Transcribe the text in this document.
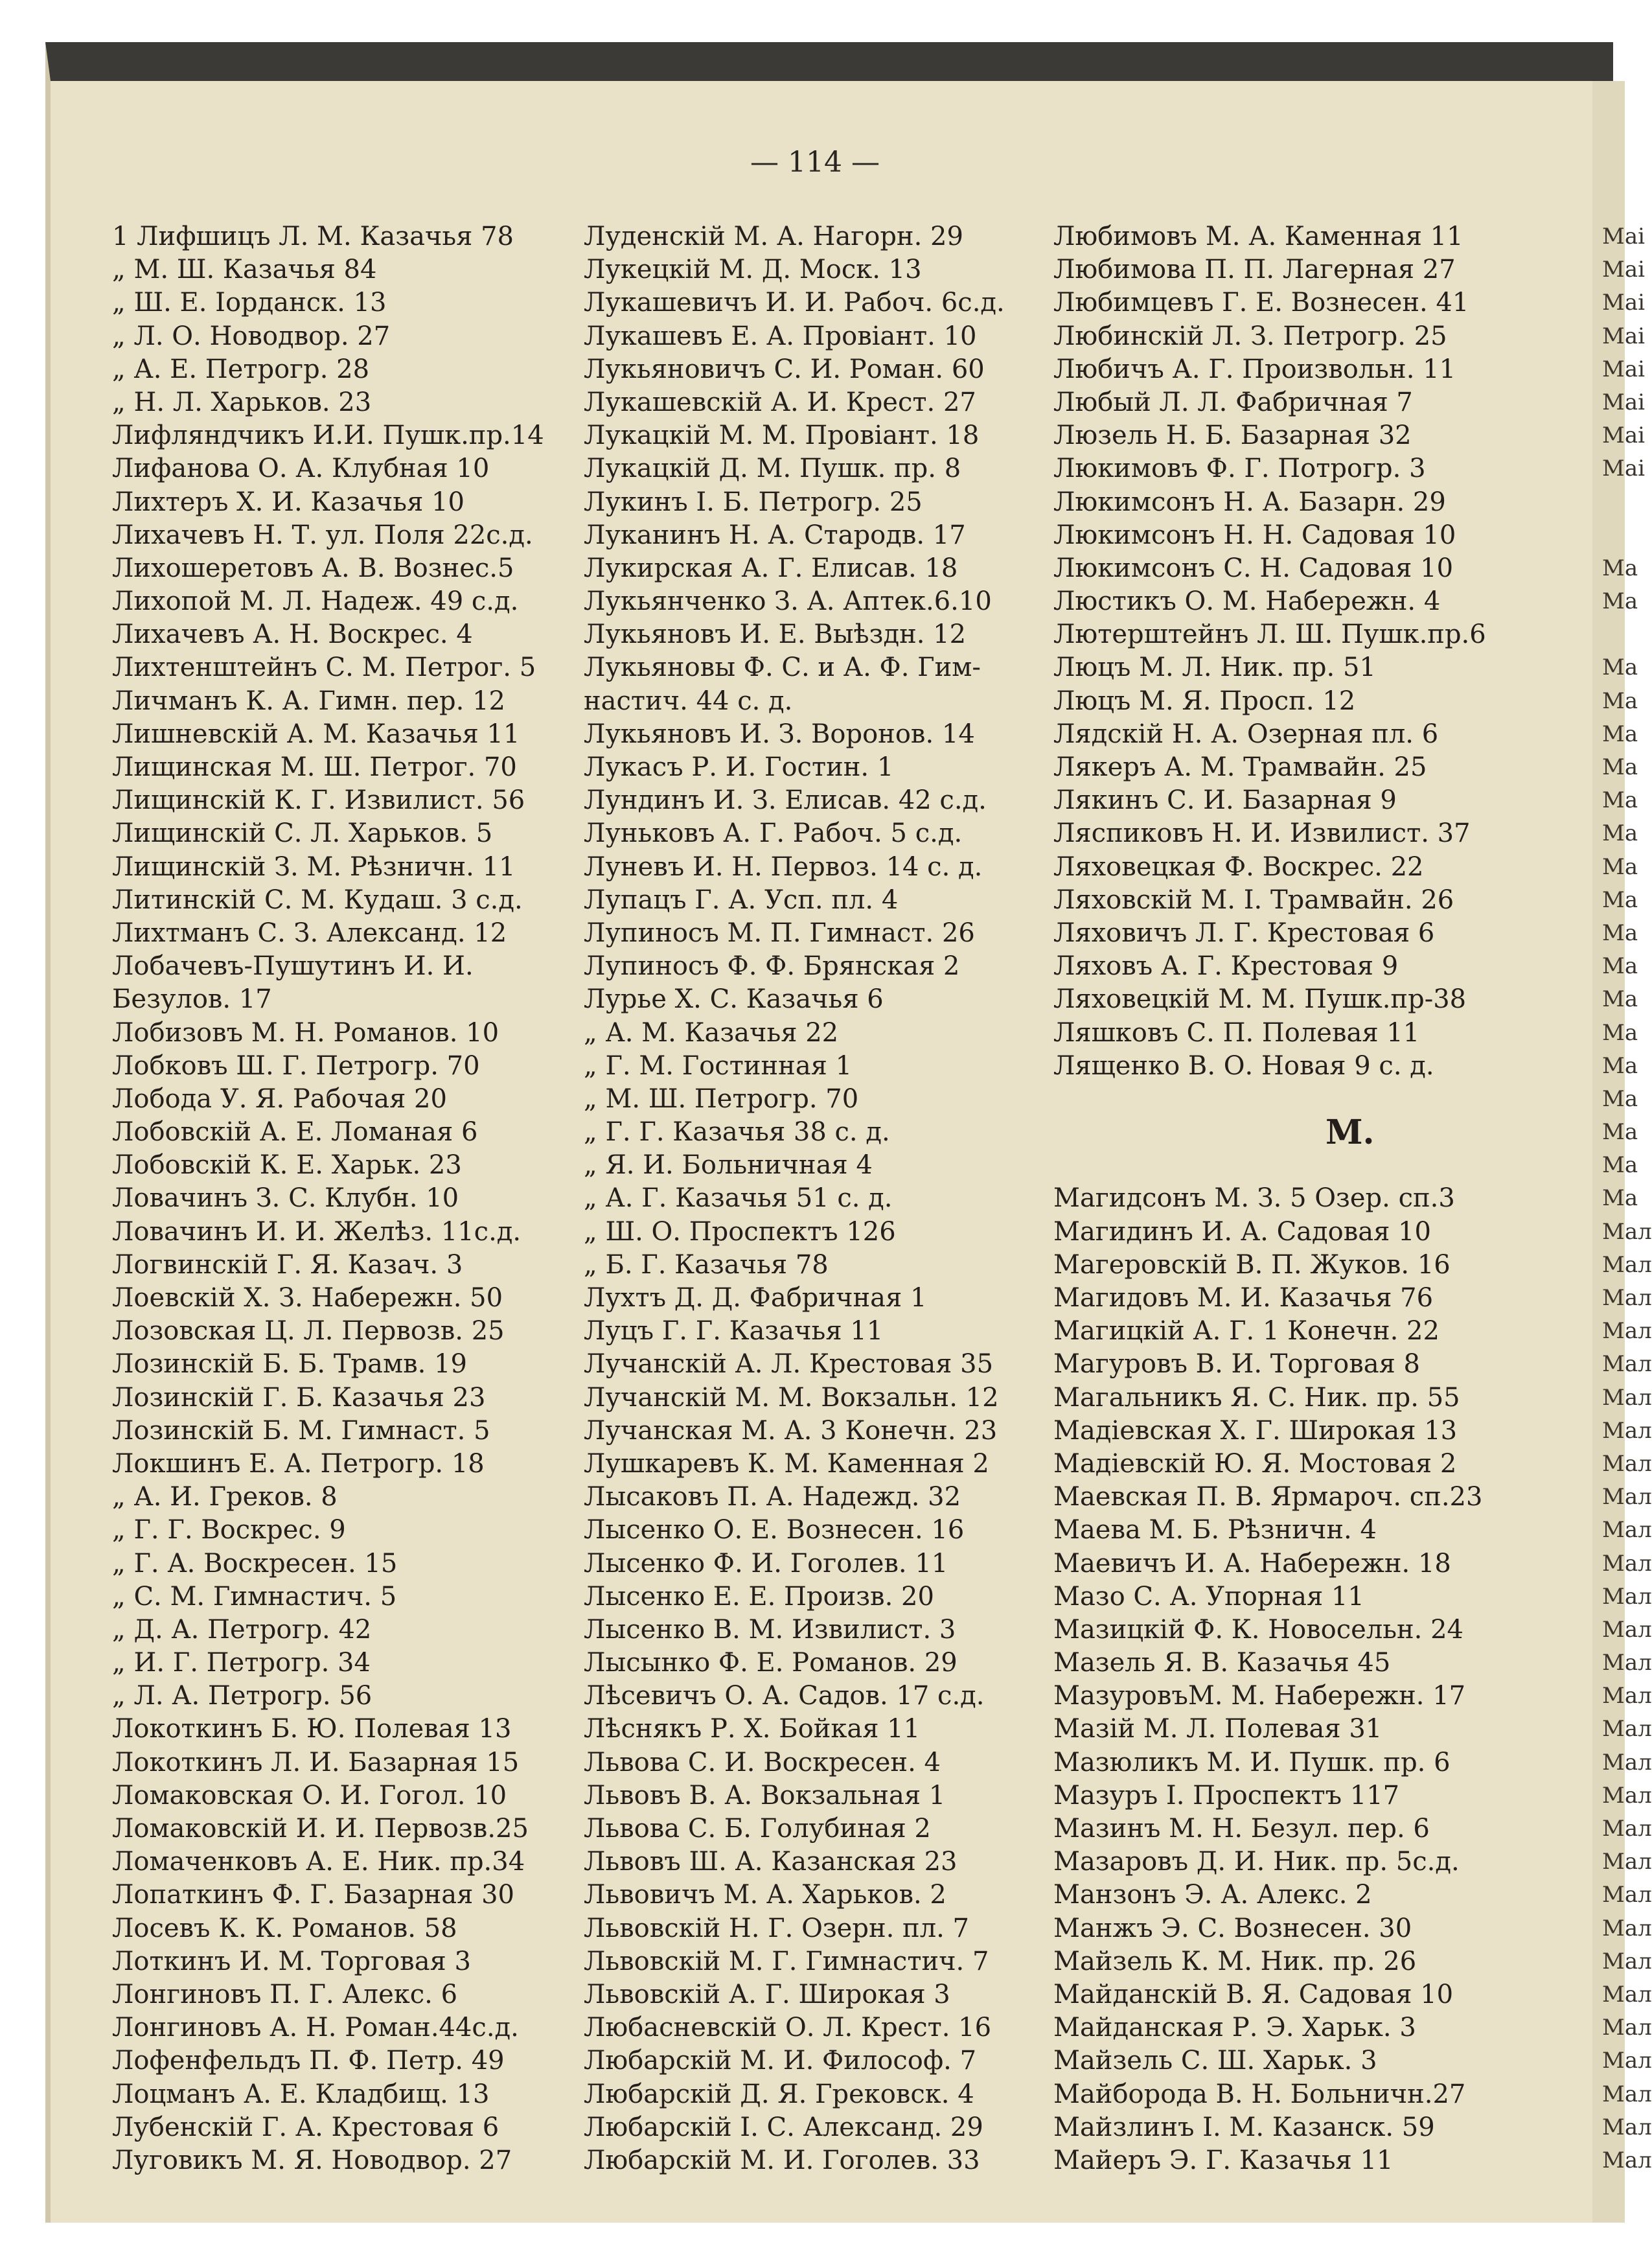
— 114 —
1 Лифшицъ Л. М. Казачья 78
„ М. Ш. Казачья 84
„ Ш. Е. Іорданск. 13
„ Л. О. Новодвор. 27
„ А. Е. Петрогр. 28
„ Н. Л. Харьков. 23
Лифляндчикъ И.И. Пушк.пр.14
Лифанова О. А. Клубная 10
Лихтеръ Х. И. Казачья 10
Лихачевъ Н. Т. ул. Поля 22с.д.
Лихошеретовъ А. В. Вознес.5
Лихопой М. Л. Надеж. 49 с.д.
Лихачевъ А. Н. Воскрес. 4
Лихтенштейнъ С. М. Петрог. 5
Личманъ К. А. Гимн. пер. 12
Лишневскій А. М. Казачья 11
Лищинская М. Ш. Петрог. 70
Лищинскій К. Г. Извилист. 56
Лищинскій С. Л. Харьков. 5
Лищинскій З. М. Рѣзничн. 11
Литинскій С. М. Кудаш. 3 с.д.
Лихтманъ С. З. Александ. 12
Лобачевъ-Пушутинъ И. И.
Безулов. 17
Лобизовъ М. Н. Романов. 10
Лобковъ Ш. Г. Петрогр. 70
Лобода У. Я. Рабочая 20
Лобовскій А. Е. Ломаная 6
Лобовскій К. Е. Харьк. 23
Ловачинъ З. С. Клубн. 10
Ловачинъ И. И. Желѣз. 11с.д.
Логвинскій Г. Я. Казач. 3
Лоевскій Х. З. Набережн. 50
Лозовская Ц. Л. Первозв. 25
Лозинскій Б. Б. Трамв. 19
Лозинскій Г. Б. Казачья 23
Лозинскій Б. М. Гимнаст. 5
Локшинъ Е. А. Петрогр. 18
„ А. И. Греков. 8
„ Г. Г. Воскрес. 9
„ Г. А. Воскресен. 15
„ С. М. Гимнастич. 5
„ Д. А. Петрогр. 42
„ И. Г. Петрогр. 34
„ Л. А. Петрогр. 56
Локоткинъ Б. Ю. Полевая 13
Локоткинъ Л. И. Базарная 15
Ломаковская О. И. Гогол. 10
Ломаковскій И. И. Первозв.25
Ломаченковъ А. Е. Ник. пр.34
Лопаткинъ Ф. Г. Базарная 30
Лосевъ К. К. Романов. 58
Лоткинъ И. М. Торговая 3
Лонгиновъ П. Г. Алекс. 6
Лонгиновъ А. Н. Роман.44с.д.
Лофенфельдъ П. Ф. Петр. 49
Лоцманъ А. Е. Кладбищ. 13
Лубенскій Г. А. Крестовая 6
Луговикъ М. Я. Новодвор. 27
Луденскій М. А. Нагорн. 29
Лукецкій М. Д. Моск. 13
Лукашевичъ И. И. Рабоч. 6с.д.
Лукашевъ Е. А. Провіант. 10
Лукьяновичъ С. И. Роман. 60
Лукашевскій А. И. Крест. 27
Лукацкій М. М. Провіант. 18
Лукацкій Д. М. Пушк. пр. 8
Лукинъ І. Б. Петрогр. 25
Луканинъ Н. А. Стародв. 17
Лукирская А. Г. Елисав. 18
Лукьянченко З. А. Аптек.6.10
Лукьяновъ И. Е. Выѣздн. 12
Лукьяновы Ф. С. и А. Ф. Гим-
настич. 44 с. д.
Лукьяновъ И. З. Воронов. 14
Лукасъ Р. И. Гостин. 1
Лундинъ И. З. Елисав. 42 с.д.
Луньковъ А. Г. Рабоч. 5 с.д.
Луневъ И. Н. Первоз. 14 с. д.
Лупацъ Г. А. Усп. пл. 4
Лупиносъ М. П. Гимнаст. 26
Лупиносъ Ф. Ф. Брянская 2
Лурье Х. С. Казачья 6
„ А. М. Казачья 22
„ Г. М. Гостинная 1
„ М. Ш. Петрогр. 70
„ Г. Г. Казачья 38 с. д.
„ Я. И. Больничная 4
„ А. Г. Казачья 51 с. д.
„ Ш. О. Проспектъ 126
„ Б. Г. Казачья 78
Лухтъ Д. Д. Фабричная 1
Луцъ Г. Г. Казачья 11
Лучанскій А. Л. Крестовая 35
Лучанскій М. М. Вокзальн. 12
Лучанская М. А. 3 Конечн. 23
Лушкаревъ К. М. Каменная 2
Лысаковъ П. А. Надежд. 32
Лысенко О. Е. Вознесен. 16
Лысенко Ф. И. Гоголев. 11
Лысенко Е. Е. Произв. 20
Лысенко В. М. Извилист. 3
Лысынко Ф. Е. Романов. 29
Лѣсевичъ О. А. Садов. 17 с.д.
Лѣснякъ Р. Х. Бойкая 11
Львова С. И. Воскресен. 4
Львовъ В. А. Вокзальная 1
Львова С. Б. Голубиная 2
Львовъ Ш. А. Казанская 23
Львовичъ М. А. Харьков. 2
Львовскій Н. Г. Озерн. пл. 7
Львовскій М. Г. Гимнастич. 7
Львовскій А. Г. Широкая 3
Любасневскій О. Л. Крест. 16
Любарскій М. И. Философ. 7
Любарскій Д. Я. Грековск. 4
Любарскій І. С. Александ. 29
Любарскій М. И. Гоголев. 33
Любимовъ М. А. Каменная 11
Любимова П. П. Лагерная 27
Любимцевъ Г. Е. Вознесен. 41
Любинскій Л. З. Петрогр. 25
Любичъ А. Г. Произвольн. 11
Любый Л. Л. Фабричная 7
Люзель Н. Б. Базарная 32
Люкимовъ Ф. Г. Потрогр. 3
Люкимсонъ Н. А. Базарн. 29
Люкимсонъ Н. Н. Садовая 10
Люкимсонъ С. Н. Садовая 10
Люстикъ О. М. Набережн. 4
Лютерштейнъ Л. Ш. Пушк.пр.6
Люцъ М. Л. Ник. пр. 51
Люцъ М. Я. Просп. 12
Лядскій Н. А. Озерная пл. 6
Лякеръ А. М. Трамвайн. 25
Лякинъ С. И. Базарная 9
Ляспиковъ Н. И. Извилист. 37
Ляховецкая Ф. Воскрес. 22
Ляховскій М. І. Трамвайн. 26
Ляховичъ Л. Г. Крестовая 6
Ляховъ А. Г. Крестовая 9
Ляховецкій М. М. Пушк.пр-38
Ляшковъ С. П. Полевая 11
Лященко В. О. Новая 9 с. д.
М.
Магидсонъ М. З. 5 Озер. сп.3
Магидинъ И. А. Садовая 10
Магеровскій В. П. Жуков. 16
Магидовъ М. И. Казачья 76
Магицкій А. Г. 1 Конечн. 22
Магуровъ В. И. Торговая 8
Магальникъ Я. С. Ник. пр. 55
Мадіевская Х. Г. Широкая 13
Мадіевскій Ю. Я. Мостовая 2
Маевская П. В. Ярмароч. сп.23
Маева М. Б. Рѣзничн. 4
Маевичъ И. А. Набережн. 18
Мазо С. А. Упорная 11
Мазицкій Ф. К. Новосельн. 24
Мазель Я. В. Казачья 45
МазуровъМ. М. Набережн. 17
Мазій М. Л. Полевая 31
Мазюликъ М. И. Пушк. пр. 6
Мазуръ І. Проспектъ 117
Мазинъ М. Н. Безул. пер. 6
Мазаровъ Д. И. Ник. пр. 5с.д.
Манзонъ Э. А. Алекс. 2
Манжъ Э. С. Вознесен. 30
Майзель К. М. Ник. пр. 26
Майданскій В. Я. Садовая 10
Майданская Р. Э. Харьк. 3
Майзель С. Ш. Харьк. 3
Майборода В. Н. Больничн.27
Майзлинъ І. М. Казанск. 59
Майеръ Э. Г. Казачья 11
Маі
Маі
Маі
Маі
Маі
Маі
Маі
Маі
Ма
Ма
Ма
Ма
Ма
Ма
Ма
Ма
Ма
Ма
Ма
Ма
Ма
Ма
Ма
Ма
Ма
Ма
Ма
Мал
Мал
Мал
Мал
Мал
Мал
Мал
Мал
Мал
Мал
Мал
Мал
Мал
Мал
Мал
Мал
Мал
Мал
Мал
Мал
Мал
Мал
Мал
Мал
Мал
Мал
Мал
Мал
Мал
